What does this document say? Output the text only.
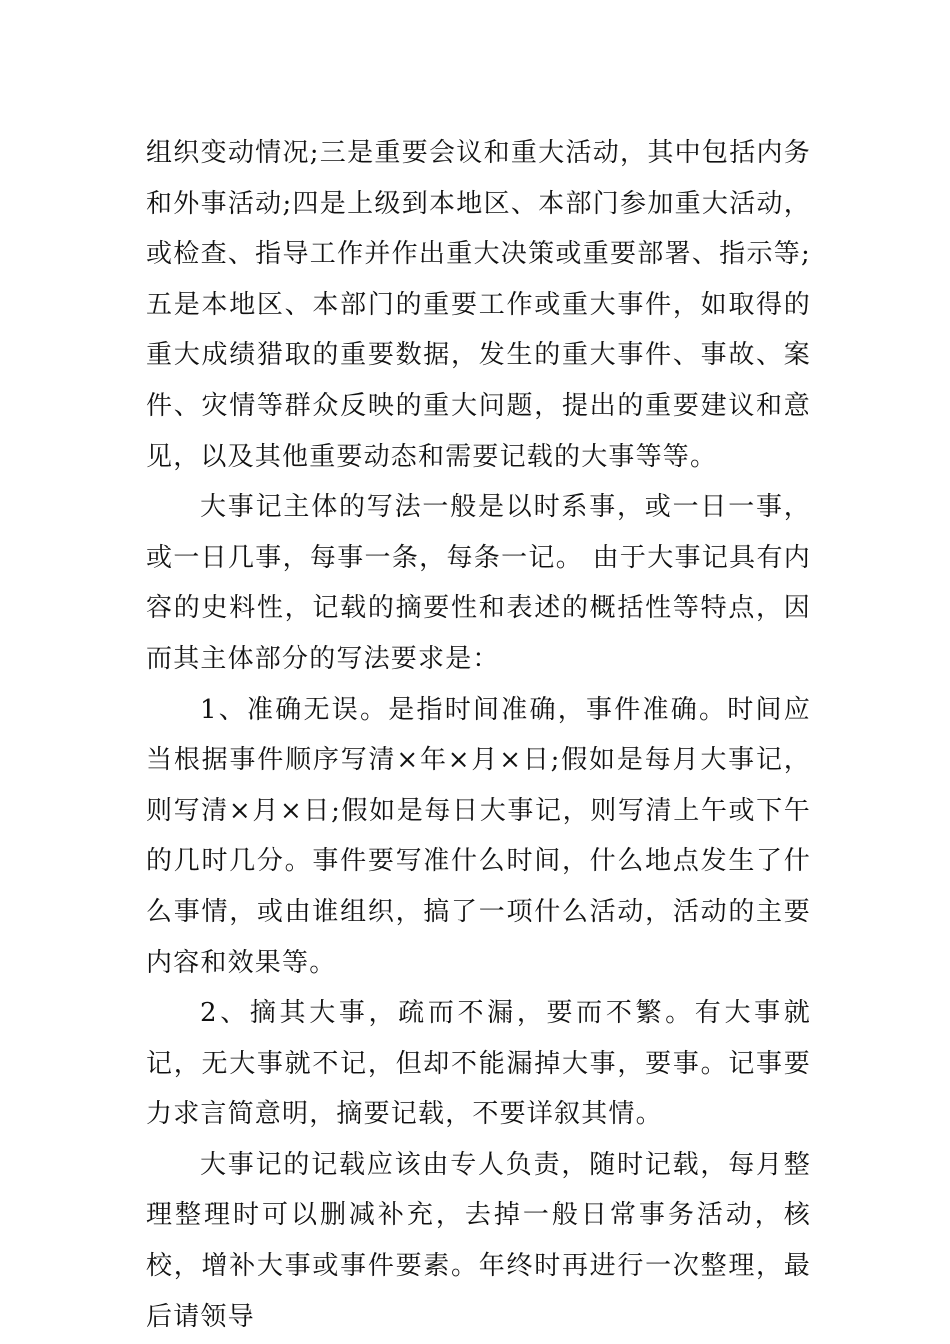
组织变动情况;三是重要会议和重大活动，其中包括内务和外事活动;四是上级到本地区、本部门参加重大活动，或检查、指导工作并作出重大决策或重要部署、指示等;五是本地区、本部门的重要工作或重大事件，如取得的重大成绩猎取的重要数据，发生的重大事件、事故、案件、灾情等群众反映的重大问题，提出的重要建议和意见，以及其他重要动态和需要记载的大事等等。

大事记主体的写法一般是以时系事，或一日一事，或一日几事，每事一条，每条一记。 由于大事记具有内容的史料性，记载的摘要性和表述的概括性等特点，因而其主体部分的写法要求是：

1、准确无误。是指时间准确，事件准确。时间应当根据事件顺序写清×年×月×日;假如是每月大事记，则写清×月×日;假如是每日大事记，则写清上午或下午的几时几分。事件要写准什么时间，什么地点发生了什么事情，或由谁组织，搞了一项什么活动，活动的主要内容和效果等。

2、摘其大事，疏而不漏，要而不繁。有大事就记，无大事就不记，但却不能漏掉大事，要事。记事要力求言简意明，摘要记载，不要详叙其情。

大事记的记载应该由专人负责，随时记载，每月整理整理时可以删减补充，去掉一般日常事务活动，核校，增补大事或事件要素。年终时再进行一次整理，最后请领导
